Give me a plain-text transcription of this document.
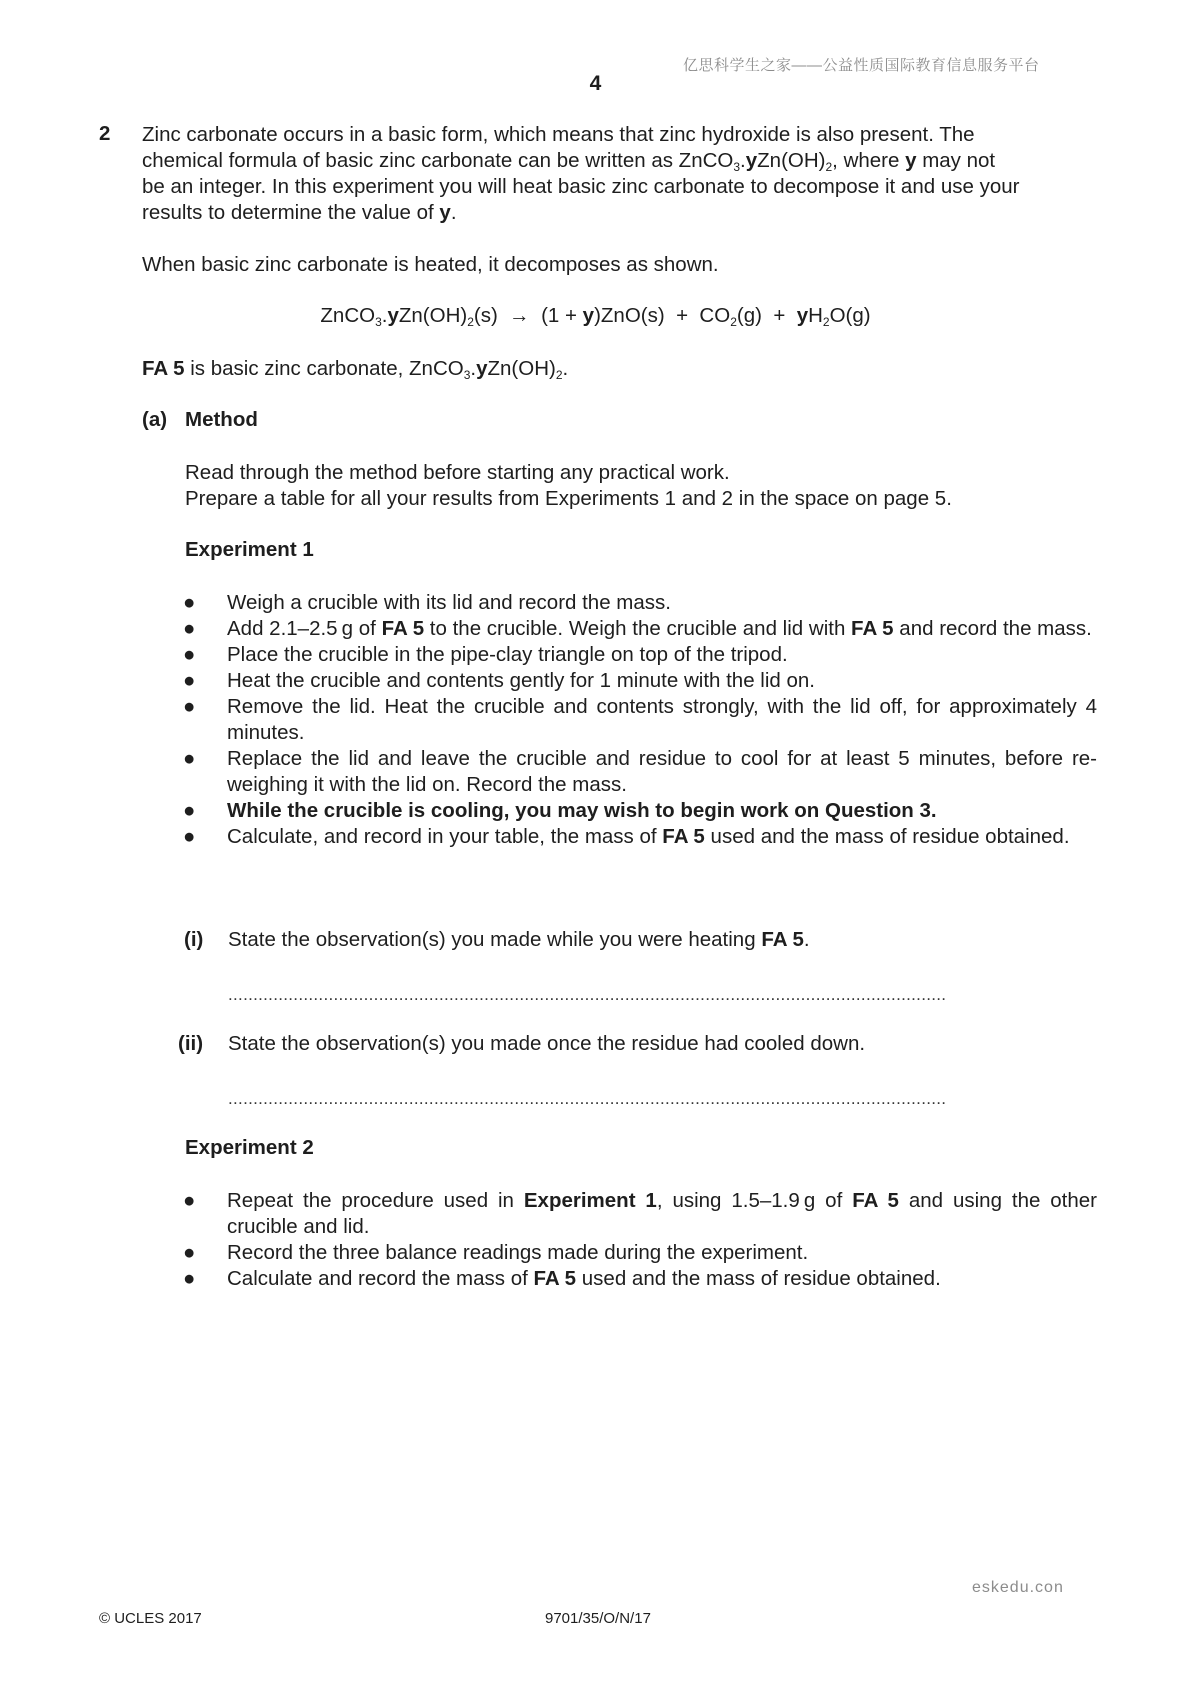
亿思科学生之家——公益性质国际教育信息服务平台
4
2 Zinc carbonate occurs in a basic form, which means that zinc hydroxide is also present. The
chemical formula of basic zinc carbonate can be written as $ZnCO_3.yZn(OH)_2$, where y may not
be an integer. In this experiment you will heat basic zinc carbonate to decompose it and use your
results to determine the value of y.
When basic zinc carbonate is heated, it decomposes as shown.
$ZnCO_3.yZn(OH)_2(s) \to (1 + y)ZnO(s) + CO_2(g) + yH_2O(g)$
FA 5 is basic zinc carbonate, $ZnCO_3.yZn(OH)_2$.
(a) Method
Read through the method before starting any practical work.
Prepare a table for all your results from Experiments 1 and 2 in the space on page 5.
Experiment 1
● Weigh a crucible with its lid and record the mass.
● Add 2.1–2.5 g of FA 5 to the crucible. Weigh the crucible and lid with FA 5 and record the mass.
● Place the crucible in the pipe-clay triangle on top of the tripod.
● Heat the crucible and contents gently for 1 minute with the lid on.
● Remove the lid. Heat the crucible and contents strongly, with the lid off, for approximately 4 minutes.
● Replace the lid and leave the crucible and residue to cool for at least 5 minutes, before re-weighing it with the lid on. Record the mass.
● While the crucible is cooling, you may wish to begin work on Question 3.
● Calculate, and record in your table, the mass of FA 5 used and the mass of residue obtained.
(i) State the observation(s) you made while you were heating FA 5.
...............................................................................................................................................
(ii) State the observation(s) you made once the residue had cooled down.
...............................................................................................................................................
Experiment 2
● Repeat the procedure used in Experiment 1, using 1.5–1.9 g of FA 5 and using the other crucible and lid.
● Record the three balance readings made during the experiment.
● Calculate and record the mass of FA 5 used and the mass of residue obtained.
eskedu.con
© UCLES 2017	9701/35/O/N/17
